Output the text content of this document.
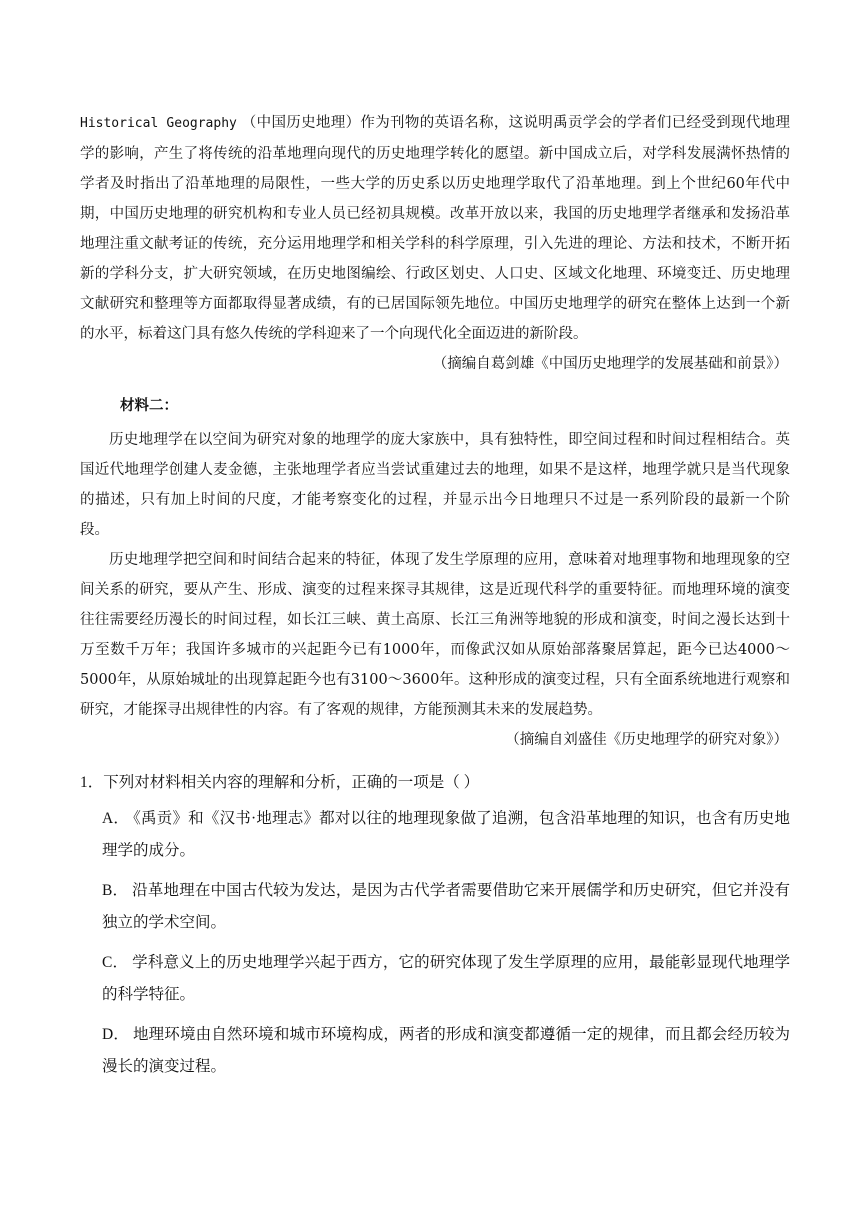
Historical Geography （中国历史地理）作为刊物的英语名称，这说明禹贡学会的学者们已经受到现代地理学的影响，产生了将传统的沿革地理向现代的历史地理学转化的愿望。新中国成立后，对学科发展满怀热情的学者及时指出了沿革地理的局限性，一些大学的历史系以历史地理学取代了沿革地理。到上个世纪60年代中期，中国历史地理的研究机构和专业人员已经初具规模。改革开放以来，我国的历史地理学者继承和发扬沿革地理注重文献考证的传统，充分运用地理学和相关学科的科学原理，引入先进的理论、方法和技术，不断开拓新的学科分支，扩大研究领域，在历史地图编绘、行政区划史、人口史、区域文化地理、环境变迁、历史地理文献研究和整理等方面都取得显著成绩，有的已居国际领先地位。中国历史地理学的研究在整体上达到一个新的水平，标着这门具有悠久传统的学科迎来了一个向现代化全面迈进的新阶段。

（摘编自葛剑雄《中国历史地理学的发展基础和前景》）

材料二：

历史地理学在以空间为研究对象的地理学的庞大家族中，具有独特性，即空间过程和时间过程相结合。英国近代地理学创建人麦金德，主张地理学者应当尝试重建过去的地理，如果不是这样，地理学就只是当代现象的描述，只有加上时间的尺度，才能考察变化的过程，并显示出今日地理只不过是一系列阶段的最新一个阶段。

历史地理学把空间和时间结合起来的特征，体现了发生学原理的应用，意味着对地理事物和地理现象的空间关系的研究，要从产生、形成、演变的过程来探寻其规律，这是近现代科学的重要特征。而地理环境的演变往往需要经历漫长的时间过程，如长江三峡、黄土高原、长江三角洲等地貌的形成和演变，时间之漫长达到十万至数千万年；我国许多城市的兴起距今已有1000年，而像武汉如从原始部落聚居算起，距今已达4000～5000年，从原始城址的出现算起距今也有3100～3600年。这种形成的演变过程，只有全面系统地进行观察和研究，才能探寻出规律性的内容。有了客观的规律，方能预测其未来的发展趋势。

（摘编自刘盛佳《历史地理学的研究对象》）

1．下列对材料相关内容的理解和分析，正确的一项是（ ）

A． 《禹贡》和《汉书·地理志》都对以往的地理现象做了追溯，包含沿革地理的知识，也含有历史地理学的成分。

B． 沿革地理在中国古代较为发达，是因为古代学者需要借助它来开展儒学和历史研究，但它并没有独立的学术空间。

C． 学科意义上的历史地理学兴起于西方，它的研究体现了发生学原理的应用，最能彰显现代地理学的科学特征。

D． 地理环境由自然环境和城市环境构成，两者的形成和演变都遵循一定的规律，而且都会经历较为漫长的演变过程。
